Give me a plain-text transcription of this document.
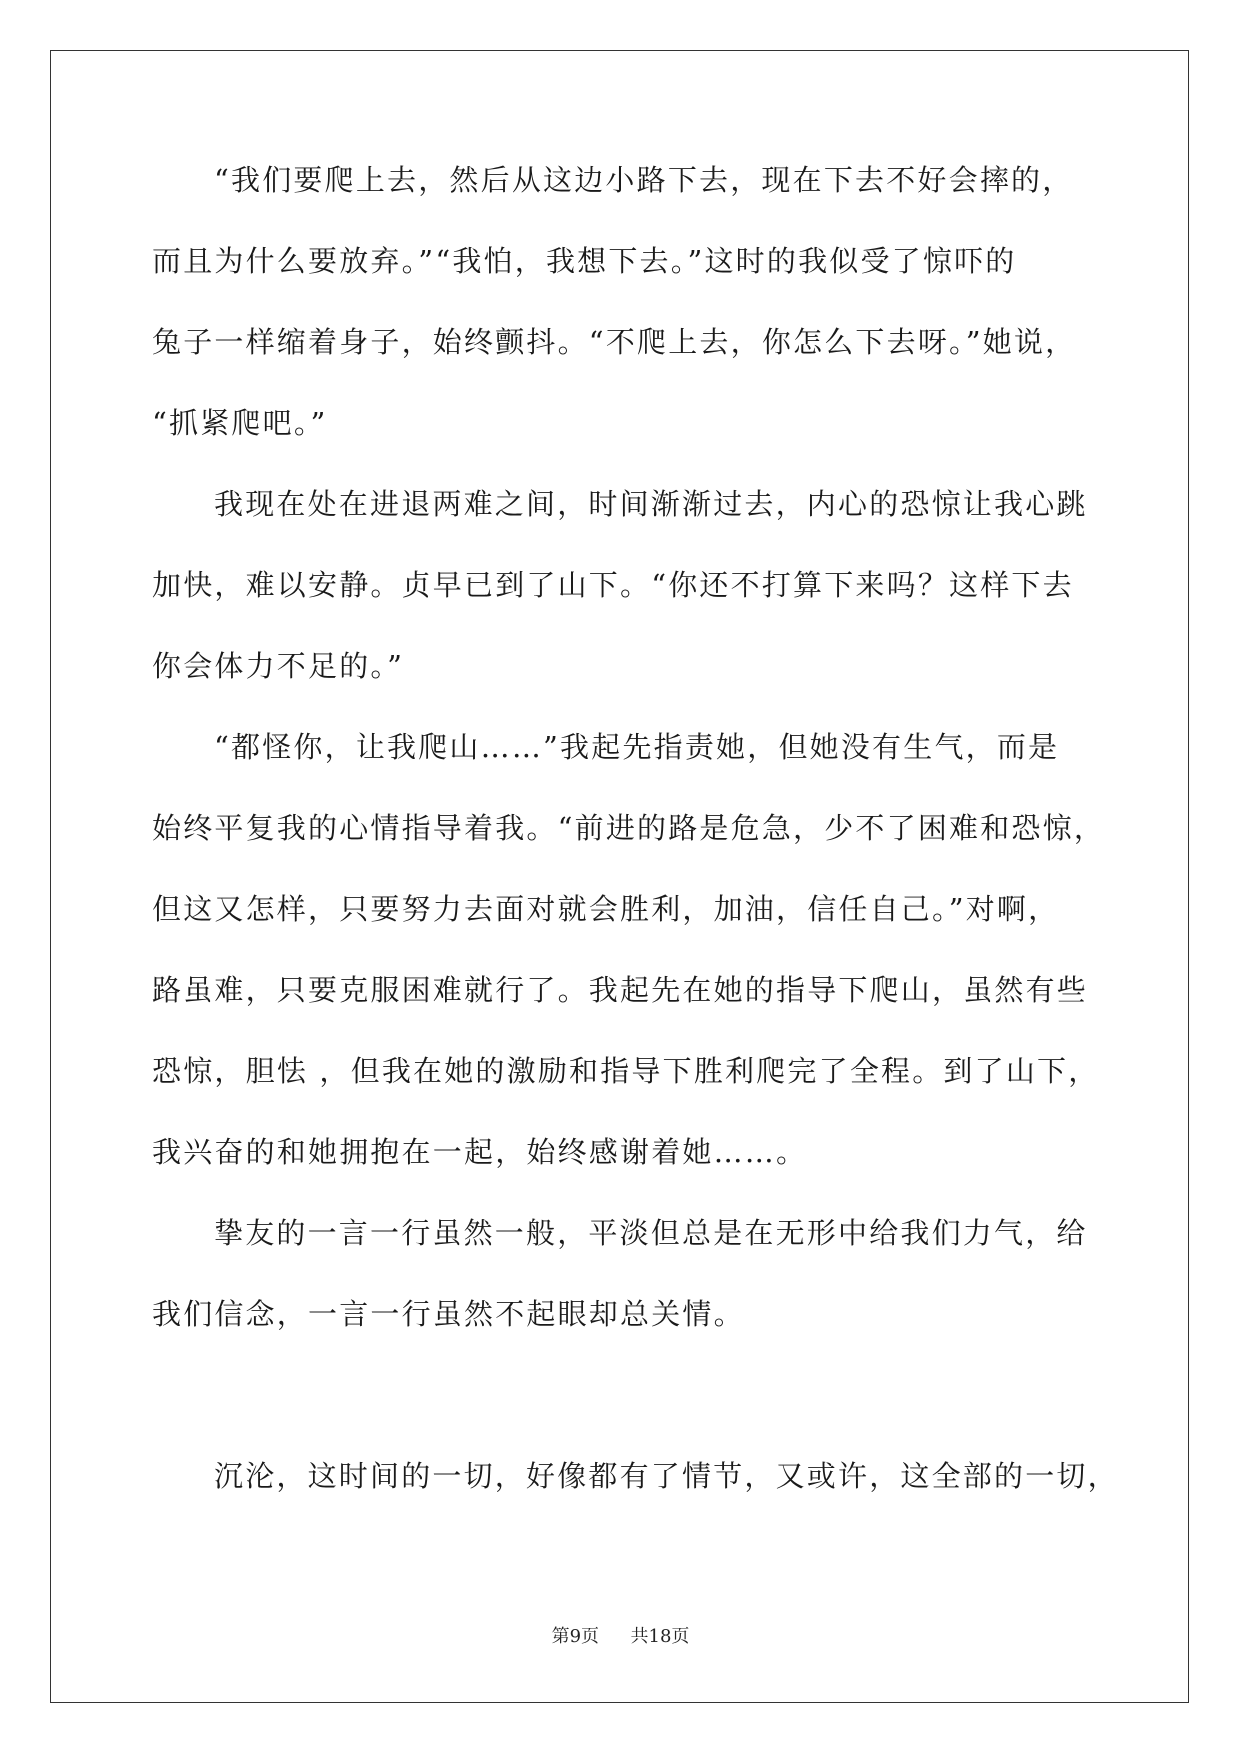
“我们要爬上去，然后从这边小路下去，现在下去不好会摔的，
而且为什么要放弃。”“我怕，我想下去。”这时的我似受了惊吓的
兔子一样缩着身子，始终颤抖。“不爬上去，你怎么下去呀。”她说，
“抓紧爬吧。”
我现在处在进退两难之间，时间渐渐过去，内心的恐惊让我心跳
加快，难以安静。贞早已到了山下。“你还不打算下来吗？这样下去
你会体力不足的。”
“都怪你，让我爬山……”我起先指责她，但她没有生气，而是
始终平复我的心情指导着我。“前进的路是危急，少不了困难和恐惊，
但这又怎样，只要努力去面对就会胜利，加油，信任自己。”对啊，
路虽难，只要克服困难就行了。我起先在她的指导下爬山，虽然有些
恐惊，胆怯 ，但我在她的激励和指导下胜利爬完了全程。到了山下，
我兴奋的和她拥抱在一起，始终感谢着她……。
挚友的一言一行虽然一般，平淡但总是在无形中给我们力气，给
我们信念，一言一行虽然不起眼却总关情。
沉沦，这时间的一切，好像都有了情节，又或许，这全部的一切，
第9页 共18页
